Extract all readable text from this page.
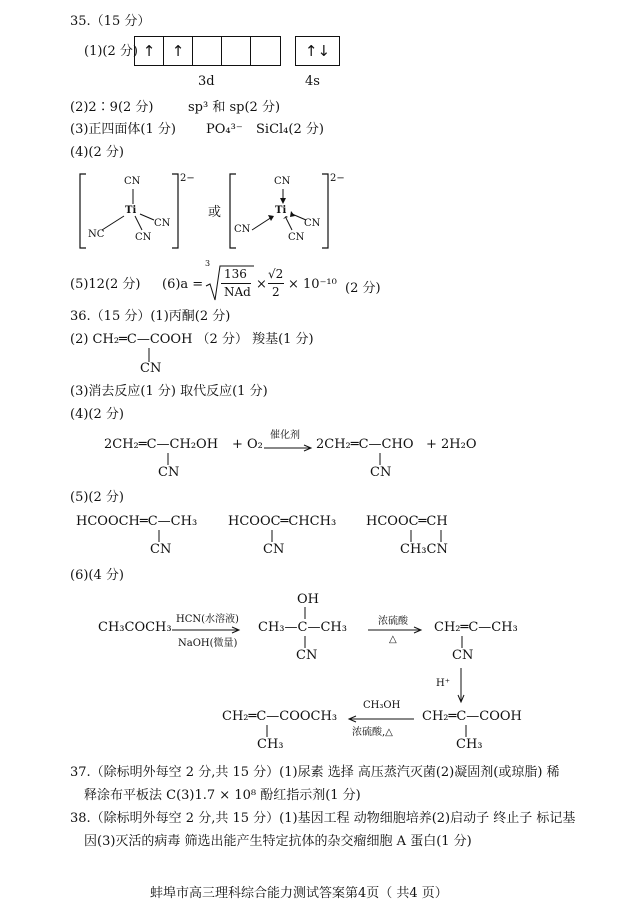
35.（15 分）
(1)(2 分) ↑	↑	↑↓
3d	4s
(2)2∶9(2 分)	sp³ 和 sp(2 分)
(3)正四面体(1 分) PO₄³⁻ SiCl₄(2 分)
(4)(2 分)
CN
Ti
CN
CN
NC
2−
或
CN
Ti
CN
CN
CN
2−
(5)12(2 分) (6)a =
3
136
NAd ×
√2
2 × 10⁻¹⁰ (2 分)
36.（15 分）(1)丙酮(2 分)
(2) CH₂═C—COOH （2 分） 羧基(1 分)
CN
(3)消去反应(1 分) 取代反应(1 分)
(4)(2 分)
2CH₂═C—CH₂OH
CN
+ O₂
催化剂
→ 2CH₂═C—CHO
CN
+ 2H₂O
(5)(2 分)
HCOOCH═C—CH₃
CN
HCOOC═CHCH₃
CN
HCOOC═CH
CH₃CN
(6)(4 分)
CH₃COCH₃
HCN(水溶液)
NaOH(微量)
OH
CH₃—C—CH₃
CN
浓硫酸
△
CH₂═C—CH₃
CN
H⁺
CH₂═C—COOH
CH₃
CH₃OH
浓硫酸,△
CH₂═C—COOCH₃
CH₃
37.（除标明外每空 2 分,共 15 分）(1)尿素 选择 高压蒸汽灭菌(2)凝固剂(或琼脂) 稀
释涂布平板法 C(3)1.7 × 10⁸ 酚红指示剂(1 分)
38.（除标明外每空 2 分,共 15 分）(1)基因工程 动物细胞培养(2)启动子 终止子 标记基
因(3)灭活的病毒 筛选出能产生特定抗体的杂交瘤细胞 A 蛋白(1 分)
蚌埠市高三理科综合能力测试答案第4页（ 共4 页）
